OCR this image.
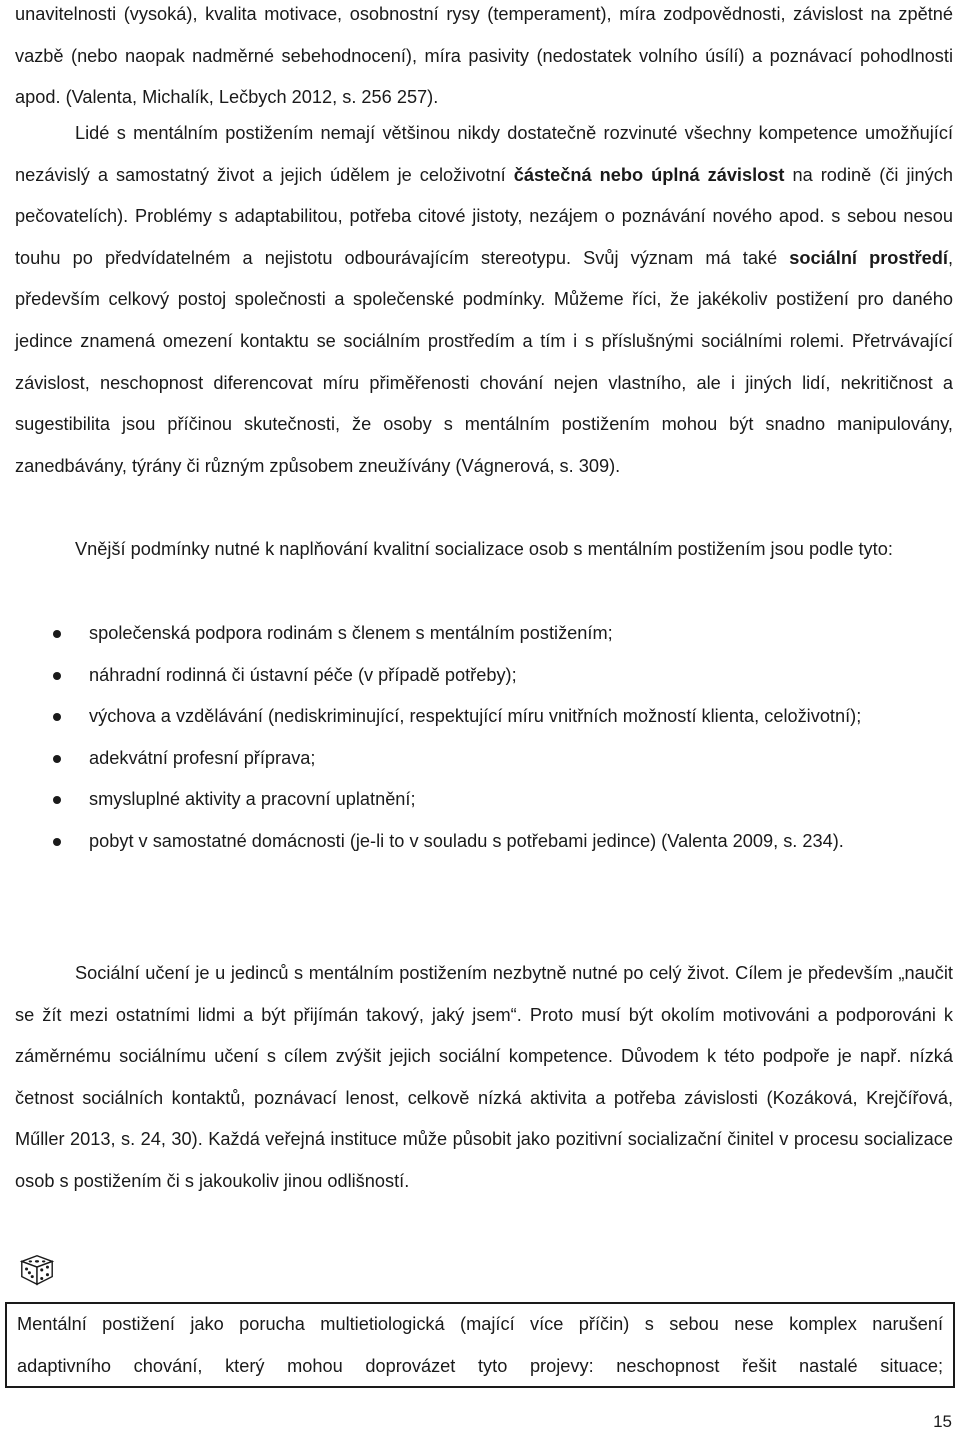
unavitelnosti (vysoká), kvalita motivace, osobnostní rysy (temperament), míra zodpovědnosti, závislost na zpětné vazbě (nebo naopak nadměrné sebehodnocení), míra pasivity (nedostatek volního úsílí) a poznávací pohodlnosti apod. (Valenta, Michalík, Lečbych 2012, s. 256 257).

Lidé s mentálním postižením nemají většinou nikdy dostatečně rozvinuté všechny kompetence umožňující nezávislý a samostatný život a jejich údělem je celoživotní částečná nebo úplná závislost na rodině (či jiných pečovatelích). Problémy s adaptabilitou, potřeba citové jistoty, nezájem o poznávání nového apod. s sebou nesou touhu po předvídatelném a nejistotu odbourávajícím stereotypu. Svůj význam má také sociální prostředí, především celkový postoj společnosti a společenské podmínky. Můžeme říci, že jakékoliv postižení pro daného jedince znamená omezení kontaktu se sociálním prostředím a tím i s příslušnými sociálními rolemi. Přetrvávající závislost, neschopnost diferencovat míru přiměřenosti chování nejen vlastního, ale i jiných lidí, nekritičnost a sugestibilita jsou příčinou skutečnosti, že osoby s mentálním postižením mohou být snadno manipulovány, zanedbávány, týrány či různým způsobem zneužívány (Vágnerová, s. 309).

Vnější podmínky nutné k naplňování kvalitní socializace osob s mentálním postižením jsou podle tyto:

společenská podpora rodinám s členem s mentálním postižením;
náhradní rodinná či ústavní péče (v případě potřeby);
výchova a vzdělávání (nediskriminující, respektující míru vnitřních možností klienta, celoživotní);
adekvátní profesní příprava;
smysluplné aktivity a pracovní uplatnění;
pobyt v samostatné domácnosti (je-li to v souladu s potřebami jedince) (Valenta 2009, s. 234).

Sociální učení je u jedinců s mentálním postižením nezbytně nutné po celý život. Cílem je především „naučit se žít mezi ostatními lidmi a být přijímán takový, jaký jsem“. Proto musí být okolím motivováni a podporováni k záměrnému sociálnímu učení s cílem zvýšit jejich sociální kompetence. Důvodem k této podpoře je např. nízká četnost sociálních kontaktů, poznávací lenost, celkově nízká aktivita a potřeba závislosti (Kozáková, Krejčířová, Műller 2013, s. 24, 30). Každá veřejná instituce může působit jako pozitivní socializační činitel v procesu socializace osob s postižením či s jakoukoliv jinou odlišností.

Mentální postižení jako porucha multietiologická (mající více příčin) s sebou nese komplex narušení

adaptivního chování, který mohou doprovázet tyto projevy: neschopnost řešit nastalé situace;

15
